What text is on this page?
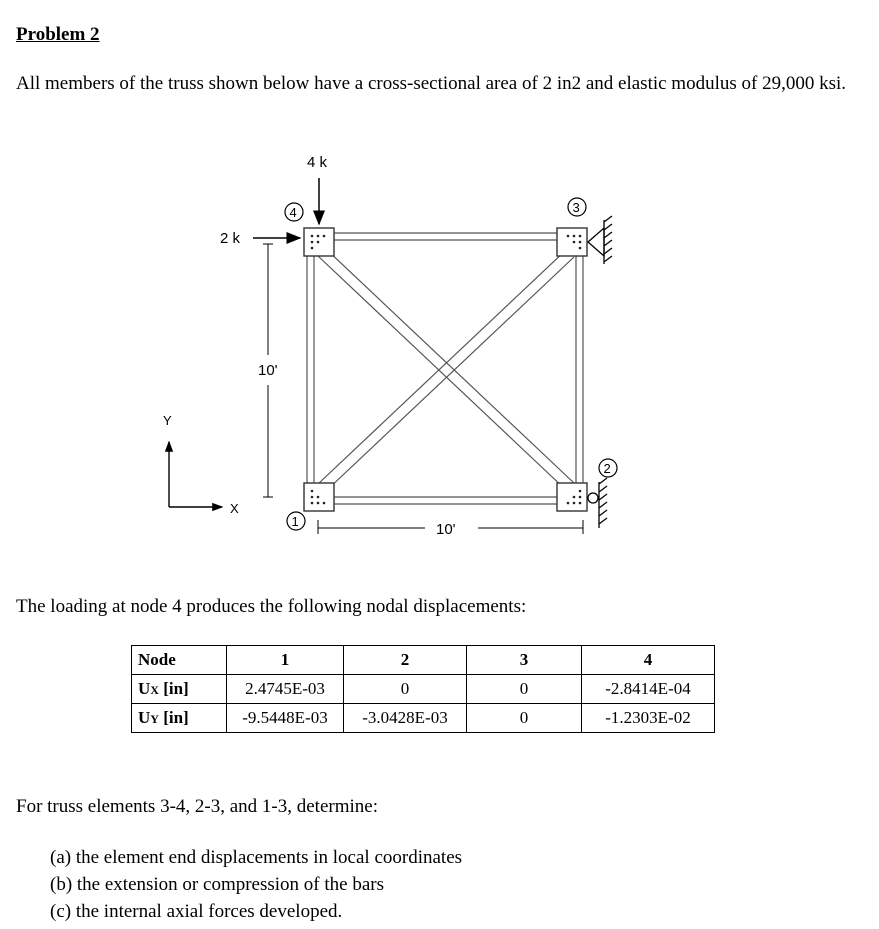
Problem 2
All members of the truss shown below have a cross-sectional area of 2 in2 and elastic modulus of 29,000 ksi.
4 k
2 k
10'
10'
4	3
2
1
Y
X
The loading at node 4 produces the following nodal displacements:
Node	1	2	3	4
UX [in]	2.4745E-03	0	0	-2.8414E-04
UY [in]	-9.5448E-03	-3.0428E-03	0	-1.2303E-02
For truss elements 3-4, 2-3, and 1-3, determine:
(a) the element end displacements in local coordinates
(b) the extension or compression of the bars
(c) the internal axial forces developed.
